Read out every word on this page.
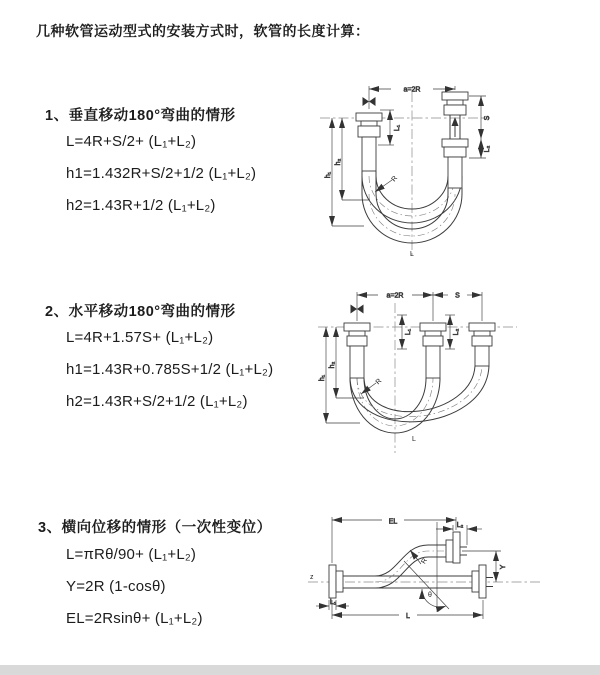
几种软管运动型式的安装方式时，软管的长度计算：
1、垂直移动180°弯曲的情形
L=4R+S/2+ (L₁+L₂)
h1=1.432R+S/2+1/2 (L₁+L₂)
h2=1.43R+1/2 (L₁+L₂)
2、水平移动180°弯曲的情形
L=4R+1.57S+ (L₁+L₂)
h1=1.43R+0.785S+1/2 (L₁+L₂)
h2=1.43R+S/2+1/2 (L₁+L₂)
3、横向位移的情形（一次性变位）
L=πRθ/90+ (L₁+L₂)
Y=2R (1-cosθ)
EL=2Rsinθ+ (L₁+L₂)
a=2R
S
L₂
L₁
h₂
h₁	R
L
a=2R	S
h₂
h₁
L₁	L₂
R
L
z
EL	L₂
Y
θ
R
L
L₁
